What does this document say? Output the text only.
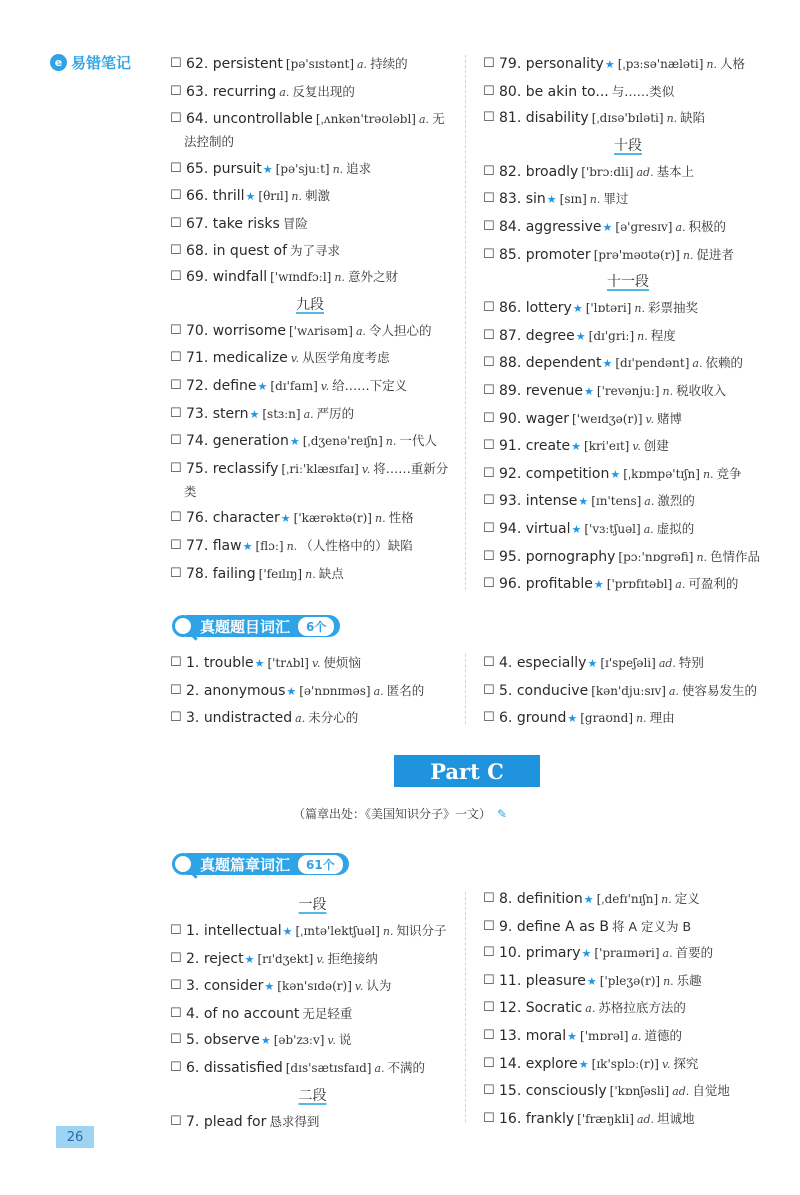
e 易错笔记	☐ 62. persistent [pə'sɪstənt] a. 持续的
☐ 63. recurring a. 反复出现的
☐ 64. uncontrollable [ˌʌnkən'trəʊləbl] a. 无法控制的
☐ 65. pursuit★ [pə'sjuːt] n. 追求
☐ 66. thrill★ [θrɪl] n. 刺激
☐ 67. take risks 冒险
☐ 68. in quest of 为了寻求
☐ 69. windfall ['wɪndfɔːl] n. 意外之财
九段
☐ 70. worrisome ['wʌrisəm] a. 令人担心的
☐ 71. medicalize v. 从医学角度考虑
☐ 72. define★ [dɪ'faɪn] v. 给……下定义
☐ 73. stern★ [stɜːn] a. 严厉的
☐ 74. generation★ [ˌdʒenə'reɪʃn] n. 一代人
☐ 75. reclassify [ˌriː'klæsɪfaɪ] v. 将……重新分类
☐ 76. character★ ['kærəktə(r)] n. 性格
☐ 77. flaw★ [flɔː] n. （人性格中的）缺陷
☐ 78. failing ['feɪlɪŋ] n. 缺点
☐ 79. personality★ [ˌpɜːsə'næləti] n. 人格
☐ 80. be akin to... 与……类似
☐ 81. disability [ˌdɪsə'bɪləti] n. 缺陷
十段
☐ 82. broadly ['brɔːdli] ad. 基本上
☐ 83. sin★ [sɪn] n. 罪过
☐ 84. aggressive★ [ə'gresɪv] a. 积极的
☐ 85. promoter [prə'məʊtə(r)] n. 促进者
十一段
☐ 86. lottery★ ['lɒtəri] n. 彩票抽奖
☐ 87. degree★ [dɪ'griː] n. 程度
☐ 88. dependent★ [dɪ'pendənt] a. 依赖的
☐ 89. revenue★ ['revənjuː] n. 税收收入
☐ 90. wager ['weɪdʒə(r)] v. 赌博
☐ 91. create★ [kri'eɪt] v. 创建
☐ 92. competition★ [ˌkɒmpə'tɪʃn] n. 竞争
☐ 93. intense★ [ɪn'tens] a. 激烈的
☐ 94. virtual★ ['vɜːtʃuəl] a. 虚拟的
☐ 95. pornography [pɔː'nɒgrəfi] n. 色情作品
☐ 96. profitable★ ['prɒfɪtəbl] a. 可盈利的
真题题目词汇	6个
☐ 1. trouble★ ['trʌbl] v. 使烦恼
☐ 2. anonymous★ [ə'nɒnɪməs] a. 匿名的
☐ 3. undistracted a. 未分心的
☐ 4. especially★ [ɪ'speʃəli] ad. 特别
☐ 5. conducive [kən'djuːsɪv] a. 使容易发生的
☐ 6. ground★ [graʊnd] n. 理由
Part C
（篇章出处：《美国知识分子》一文） ✎
真题篇章词汇	61个
一段
☐ 1. intellectual★ [ˌɪntə'lektʃuəl] n. 知识分子
☐ 2. reject★ [rɪ'dʒekt] v. 拒绝接纳
☐ 3. consider★ [kən'sɪdə(r)] v. 认为
☐ 4. of no account 无足轻重
☐ 5. observe★ [əb'zɜːv] v. 说
☐ 6. dissatisfied [dɪs'sætɪsfaɪd] a. 不满的
二段
☐ 7. plead for 恳求得到
☐ 8. definition★ [ˌdefɪ'nɪʃn] n. 定义
☐ 9. define A as B 将 A 定义为 B
☐ 10. primary★ ['praɪməri] a. 首要的
☐ 11. pleasure★ ['pleʒə(r)] n. 乐趣
☐ 12. Socratic a. 苏格拉底方法的
☐ 13. moral★ ['mɒrəl] a. 道德的
☐ 14. explore★ [ɪk'splɔː(r)] v. 探究
☐ 15. consciously ['kɒnʃəsli] ad. 自觉地
☐ 16. frankly ['fræŋkli] ad. 坦诚地
26
